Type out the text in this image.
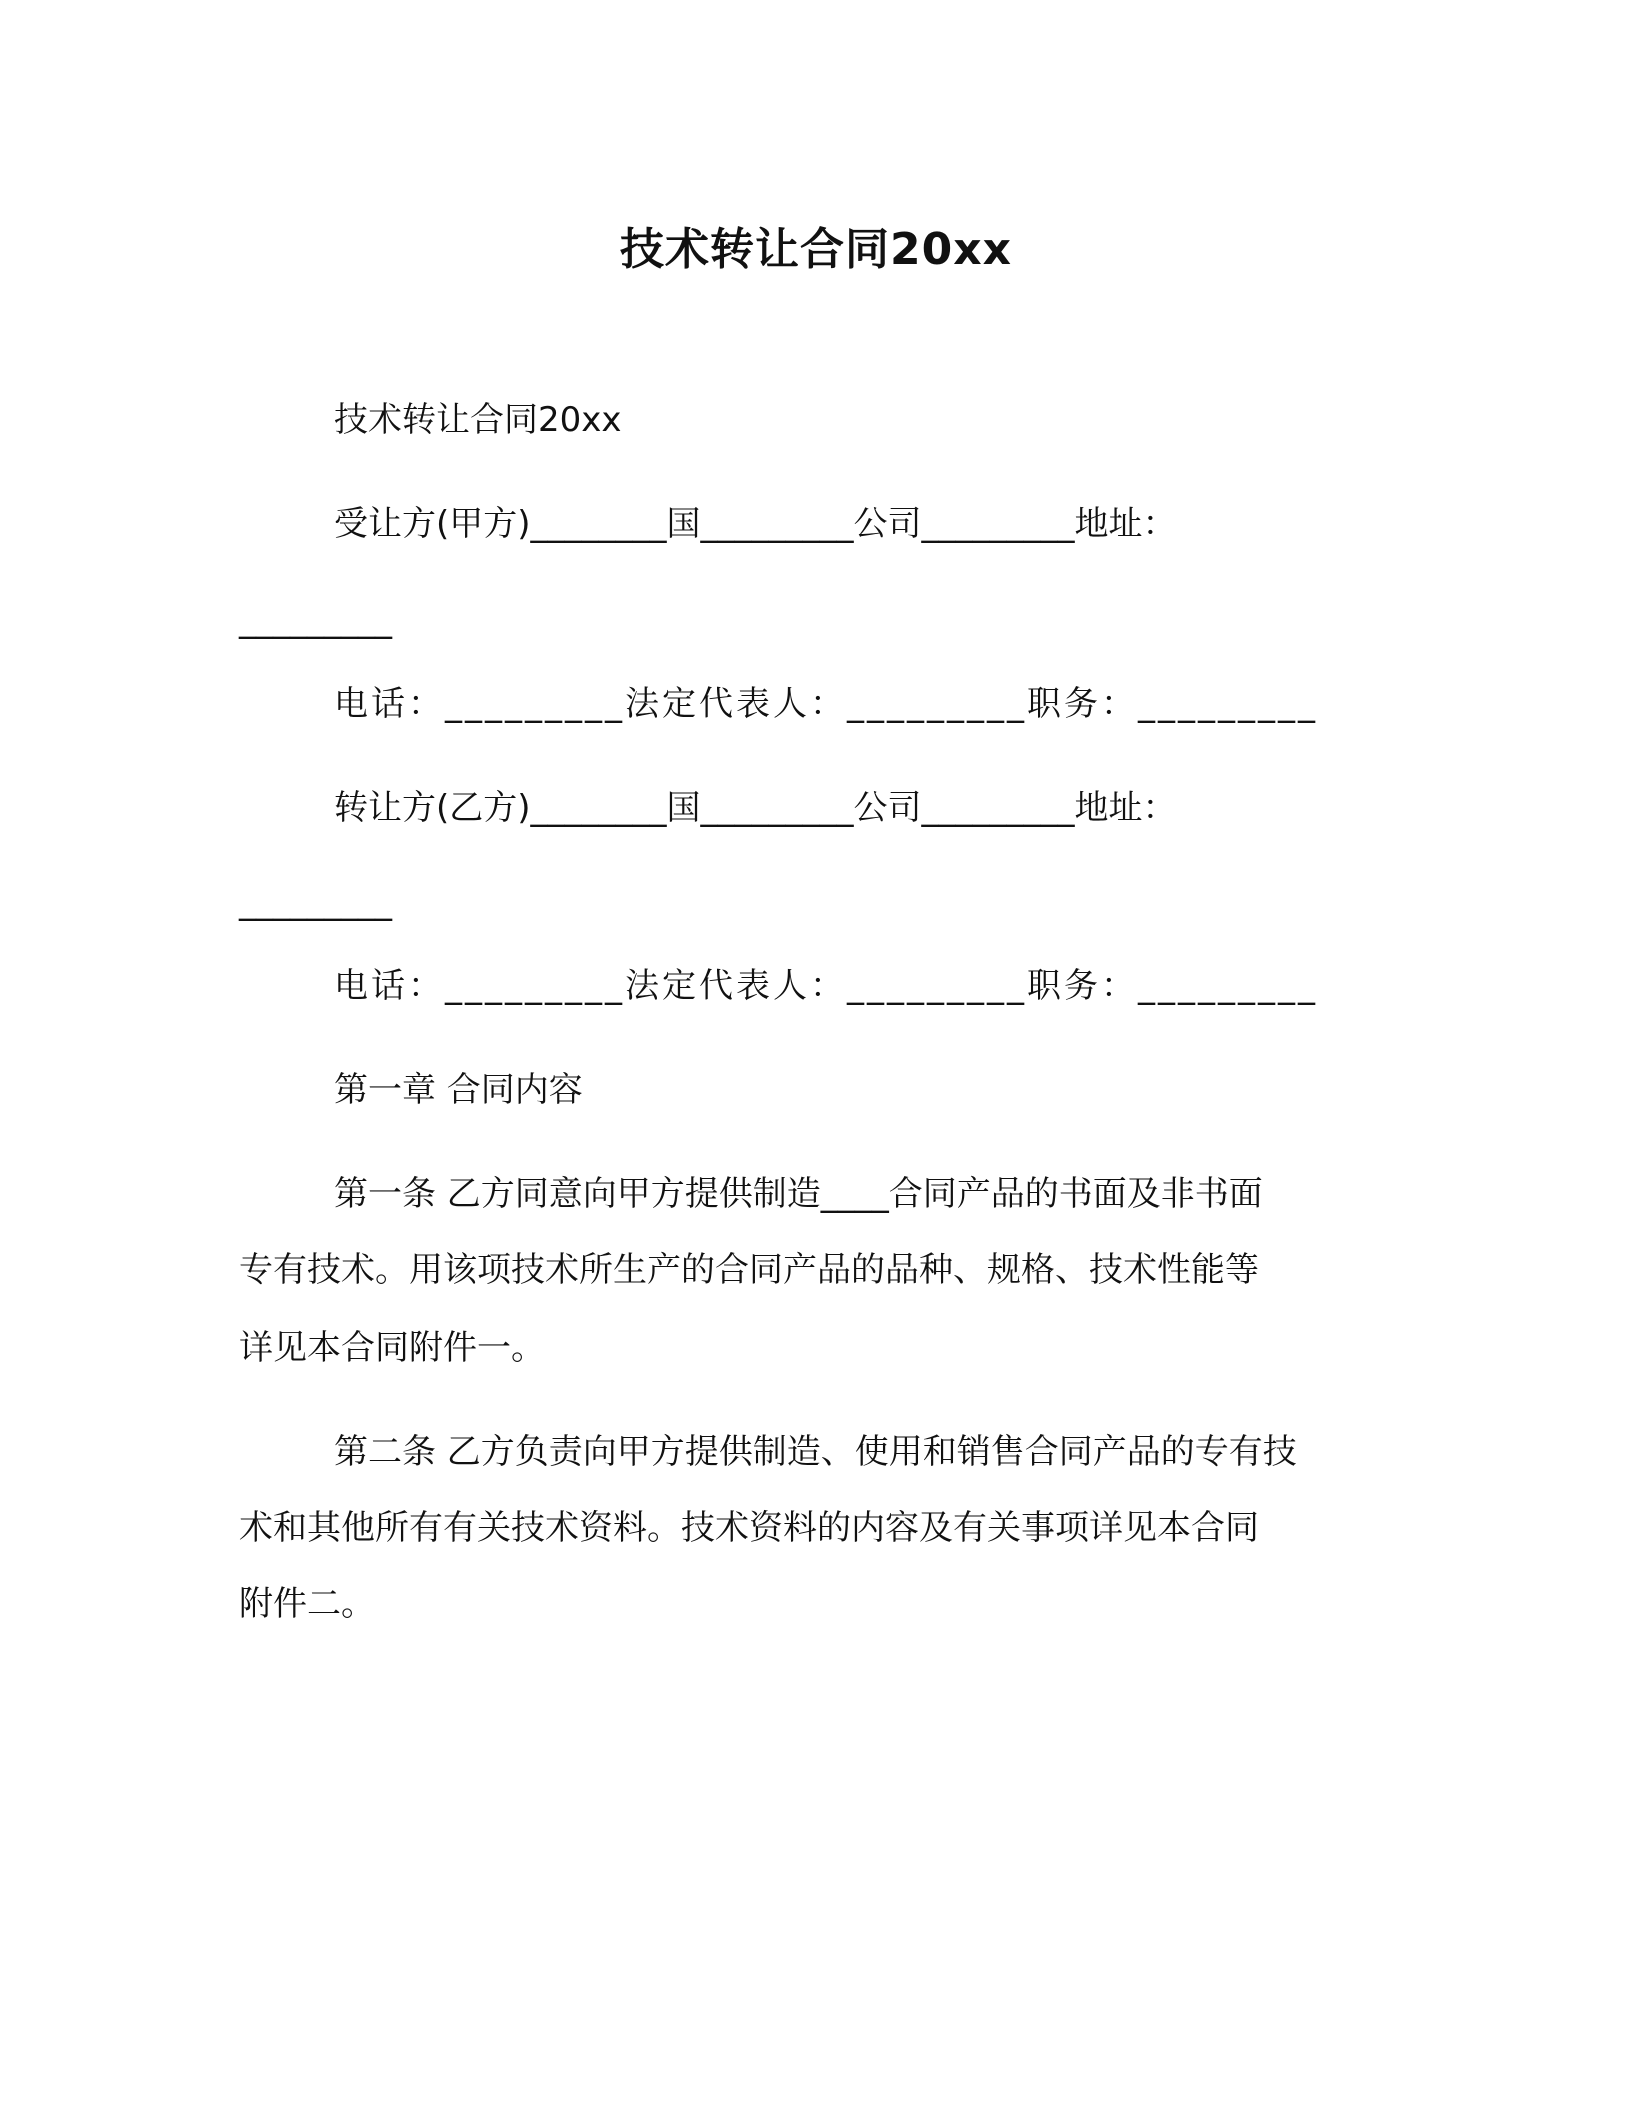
技术转让合同20xx
技术转让合同20xx
受让方(甲方)________国_________公司_________地址：
_________
电话：_________法定代表人：_________职务：_________
转让方(乙方)________国_________公司_________地址：
_________
电话：_________法定代表人：_________职务：_________
第一章 合同内容
第一条 乙方同意向甲方提供制造____合同产品的书面及非书面
专有技术。用该项技术所生产的合同产品的品种、规格、技术性能等
详见本合同附件一。
第二条 乙方负责向甲方提供制造、使用和销售合同产品的专有技
术和其他所有有关技术资料。技术资料的内容及有关事项详见本合同
附件二。
